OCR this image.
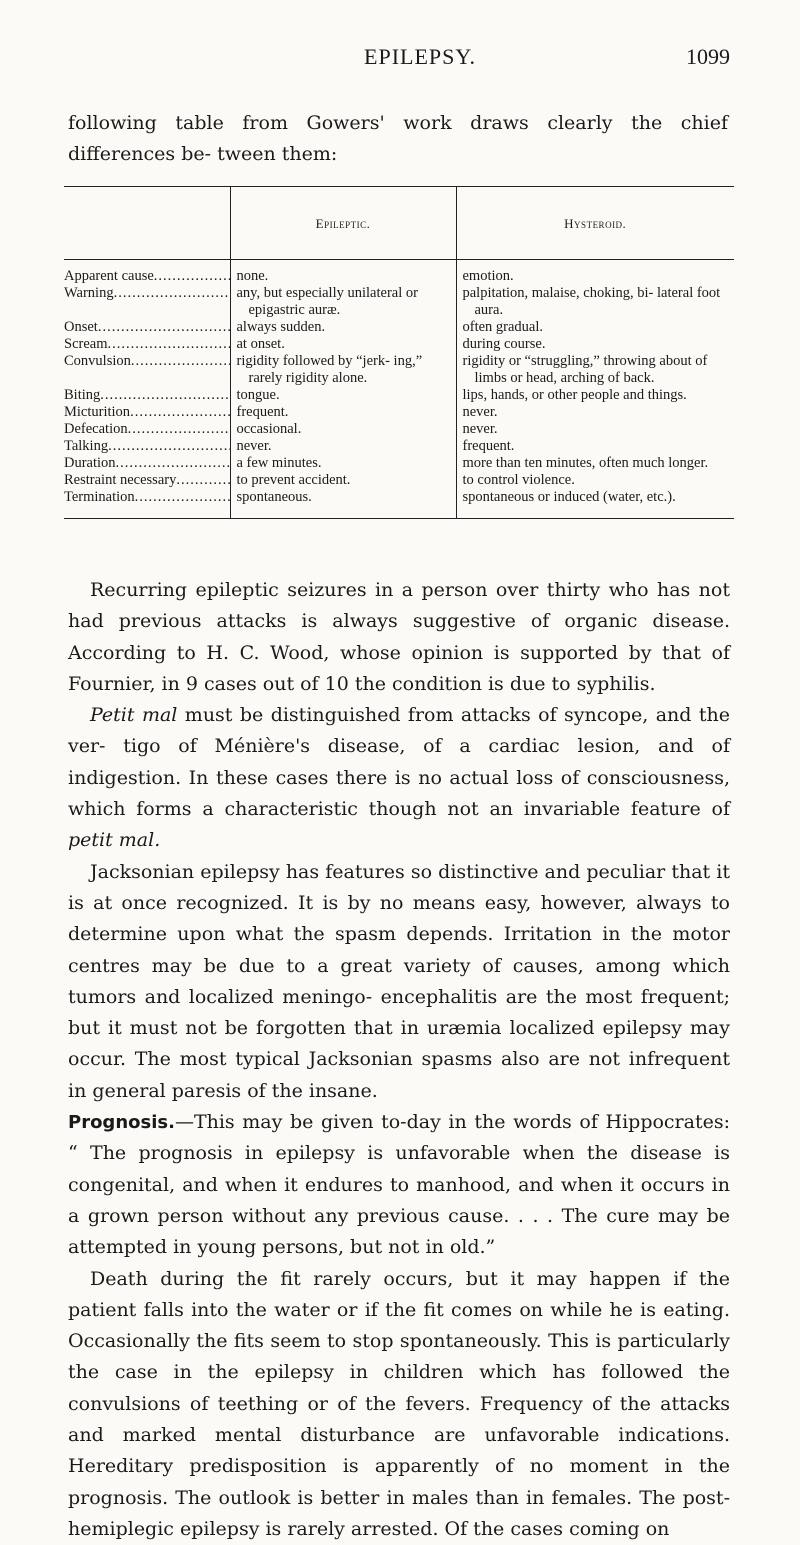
EPILEPSY.	1099
following table from Gowers' work draws clearly the chief differences be- tween them:
	Epileptic.	Hysteroid.
Apparent cause .....	none.	emotion.

Warning .....	any, but especially unilateral or epigastric auræ.	palpitation, malaise, choking, bi- lateral foot aura.

Onset .....	always sudden.	often gradual.

Scream .....	at onset.	during course.

Convulsion .....	rigidity followed by “jerk- ing,” rarely rigidity alone.	rigidity or “struggling,” throwing about of limbs or head, arching of back.

Biting .....	tongue.	lips, hands, or other people and things.

Micturition .....	frequent.	never.

Defecation .....	occasional.	never.

Talking .....	never.	frequent.

Duration .....	a few minutes.	more than ten minutes, often much longer.

Restraint necessary .....	to prevent accident.	to control violence.

Termination .....	spontaneous.	spontaneous or induced (water, etc.).

Recurring epileptic seizures in a person over thirty who has not had previous attacks is always suggestive of organic disease. According to H. C. Wood, whose opinion is supported by that of Fournier, in 9 cases out of 10 the condition is due to syphilis.

Petit mal must be distinguished from attacks of syncope, and the ver- tigo of Ménière's disease, of a cardiac lesion, and of indigestion. In these cases there is no actual loss of consciousness, which forms a characteristic though not an invariable feature of petit mal.

Jacksonian epilepsy has features so distinctive and peculiar that it is at once recognized. It is by no means easy, however, always to determine upon what the spasm depends. Irritation in the motor centres may be due to a great variety of causes, among which tumors and localized meningo- encephalitis are the most frequent; but it must not be forgotten that in uræmia localized epilepsy may occur. The most typical Jacksonian spasms also are not infrequent in general paresis of the insane.

Prognosis.—This may be given to-day in the words of Hippocrates: “ The prognosis in epilepsy is unfavorable when the disease is congenital, and when it endures to manhood, and when it occurs in a grown person without any previous cause. . . . The cure may be attempted in young persons, but not in old.”

Death during the fit rarely occurs, but it may happen if the patient falls into the water or if the fit comes on while he is eating. Occasionally the fits seem to stop spontaneously. This is particularly the case in the epilepsy in children which has followed the convulsions of teething or of the fevers. Frequency of the attacks and marked mental disturbance are unfavorable indications. Hereditary predisposition is apparently of no moment in the prognosis. The outlook is better in males than in females. The post-hemiplegic epilepsy is rarely arrested. Of the cases coming on
